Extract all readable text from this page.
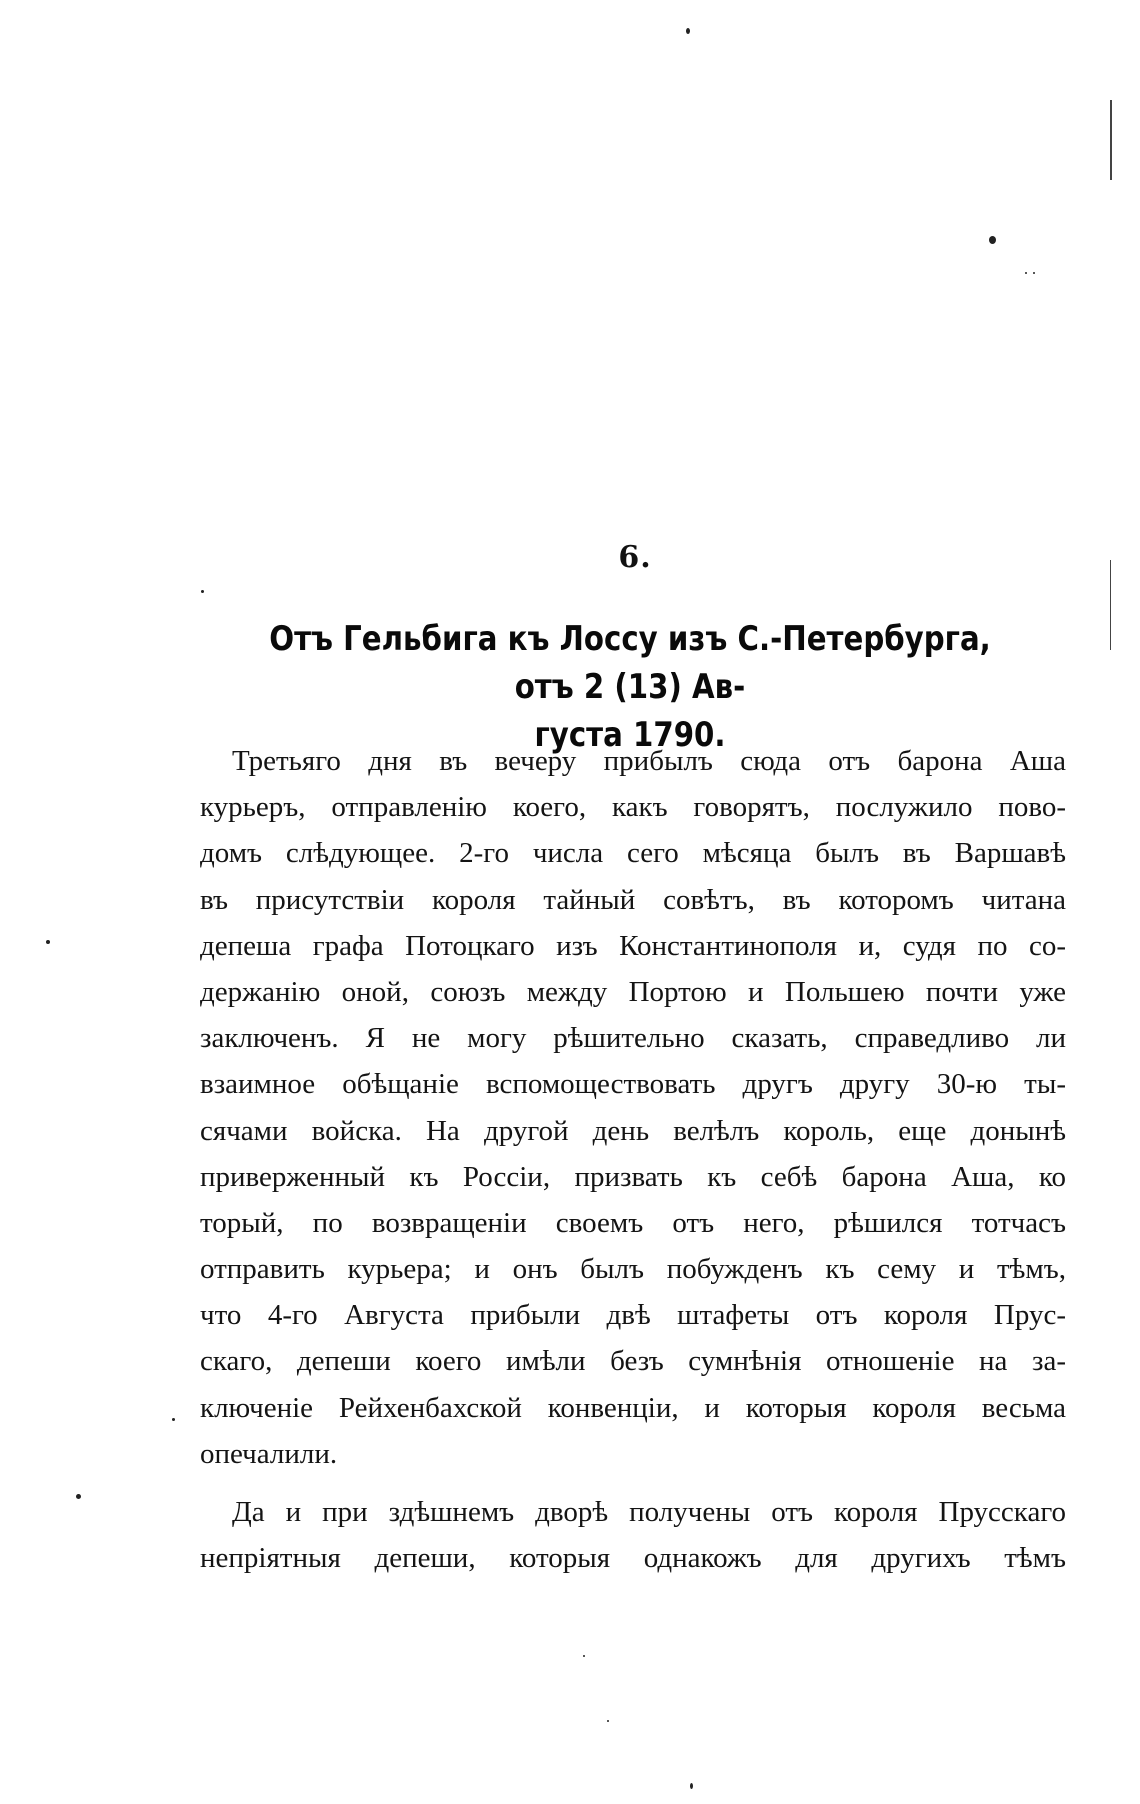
6.
Отъ Гельбига къ Лоссу изъ С.-Петербурга, отъ 2 (13) Ав-
густа 1790.
Третьяго дня въ вечеру прибылъ сюда отъ барона Аша
курьеръ, отправленію коего, какъ говорятъ, послужило пово-
домъ слѣдующее. 2-го числа сего мѣсяца былъ въ Варшавѣ
въ присутствіи короля тайный совѣтъ, въ которомъ читана
депеша графа Потоцкаго изъ Константинополя и, судя по со-
держанію оной, союзъ между Портою и Польшею почти уже
заключенъ. Я не могу рѣшительно сказать, справедливо ли
взаимное обѣщаніе вспомоществовать другъ другу 30-ю ты-
сячами войска. На другой день велѣлъ король, еще донынѣ
приверженный къ Россіи, призвать къ себѣ барона Аша, ко
торый, по возвращеніи своемъ отъ него, рѣшился тотчасъ
отправить курьера; и онъ былъ побужденъ къ сему и тѣмъ,
что 4-го Августа прибыли двѣ штафеты отъ короля Прус-
скаго, депеши коего имѣли безъ сумнѣнія отношеніе на за-
ключеніе Рейхенбахской конвенціи, и которыя короля весьма
опечалили.
Да и при здѣшнемъ дворѣ получены отъ короля Прусскаго
непріятныя депеши, которыя однакожъ для другихъ тѣмъ
